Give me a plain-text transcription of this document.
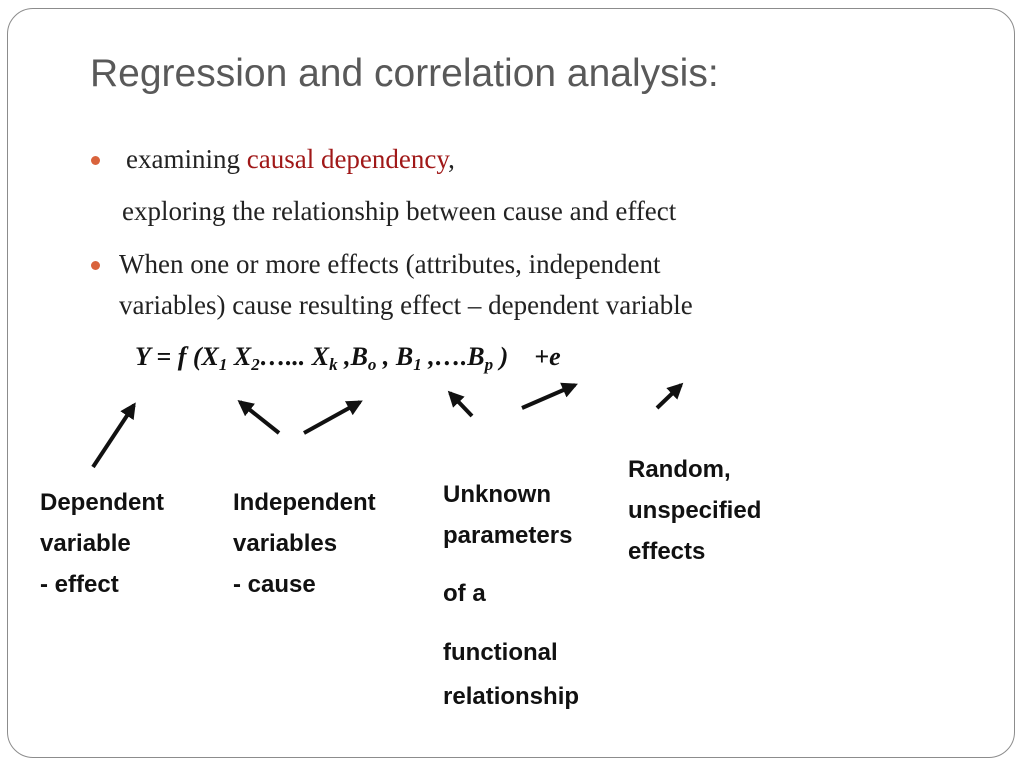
Regression and correlation analysis:
examining causal dependency,
exploring the relationship between cause and effect
When one or more effects (attributes, independent
variables) cause resulting effect – dependent variable
Y = f ($X_1$ $X_2\dots$... $X_k$ $,B_o$ , $B_1$ $,\dots.B_p$ ) +e
Dependent
variable
- effect
Independent
variables
- cause
Unknown
parameters
of a
functional
relationship
Random,
unspecified
effects
